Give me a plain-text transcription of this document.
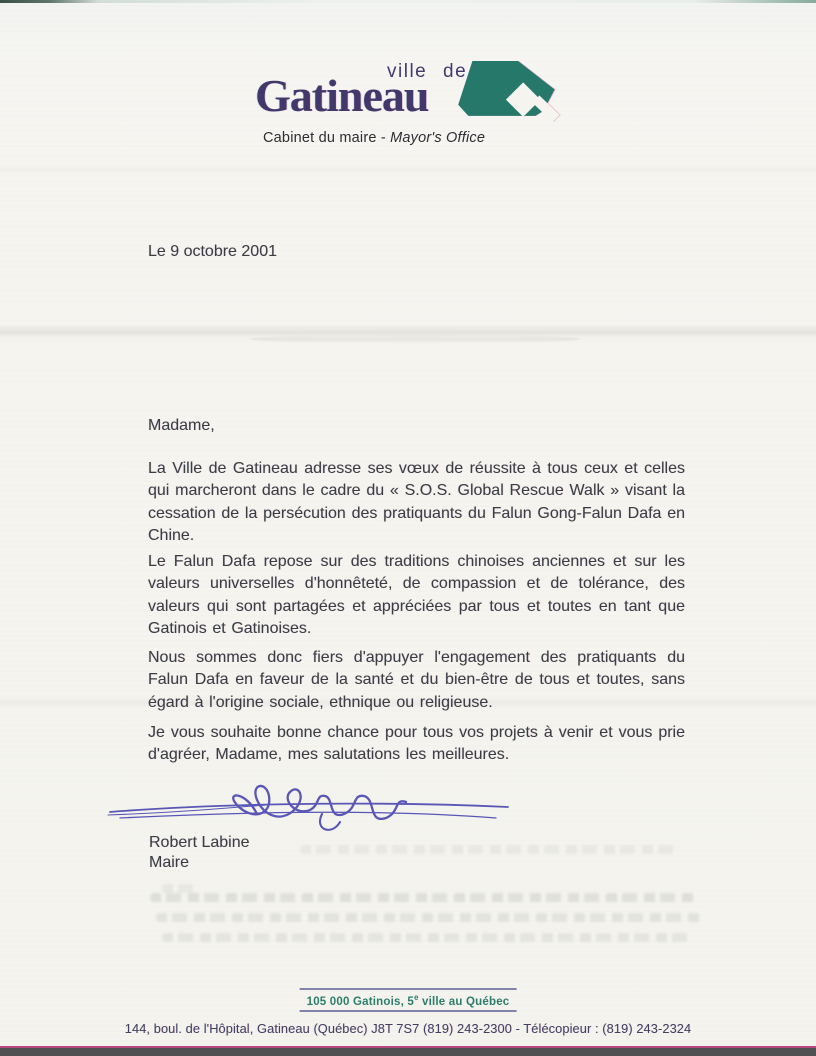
ville de
Gatineau
Cabinet du maire - Mayor's Office
Le 9 octobre 2001
Madame,

La Ville de Gatineau adresse ses vœux de réussite à tous ceux et celles qui marcheront dans le cadre du « S.O.S. Global Rescue Walk » visant la cessation de la persécution des pratiquants du Falun Gong-Falun Dafa en Chine.

Le Falun Dafa repose sur des traditions chinoises anciennes et sur les valeurs universelles d'honnêteté, de compassion et de tolérance, des valeurs qui sont partagées et appréciées par tous et toutes en tant que Gatinois et Gatinoises.

Nous sommes donc fiers d'appuyer l'engagement des pratiquants du Falun Dafa en faveur de la santé et du bien-être de tous et toutes, sans égard à l'origine sociale, ethnique ou religieuse.

Je vous souhaite bonne chance pour tous vos projets à venir et vous prie d'agréer, Madame, mes salutations les meilleures.

Robert Labine
Maire
105 000 Gatinois, 5e ville au Québec
144, boul. de l'Hôpital, Gatineau (Québec) J8T 7S7 (819) 243-2300 - Télécopieur : (819) 243-2324
